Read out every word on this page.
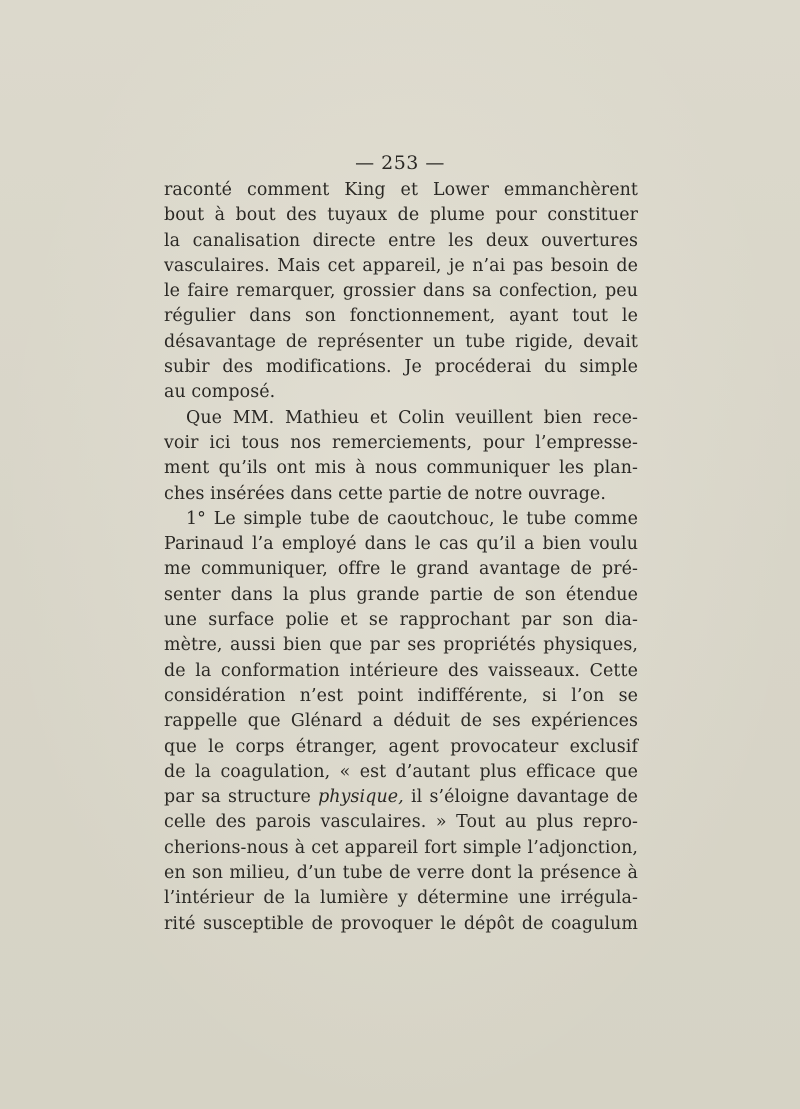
— 253 —
raconté comment King et Lower emmanchèrent
bout à bout des tuyaux de plume pour constituer
la canalisation directe entre les deux ouvertures
vasculaires. Mais cet appareil, je n’ai pas besoin de
le faire remarquer, grossier dans sa confection, peu
régulier dans son fonctionnement, ayant tout le
désavantage de représenter un tube rigide, devait
subir des modifications. Je procéderai du simple
au composé.
Que MM. Mathieu et Colin veuillent bien rece-
voir ici tous nos remerciements, pour l’empresse-
ment qu’ils ont mis à nous communiquer les plan-
ches insérées dans cette partie de notre ouvrage.
1° Le simple tube de caoutchouc, le tube comme
Parinaud l’a employé dans le cas qu’il a bien voulu
me communiquer, offre le grand avantage de pré-
senter dans la plus grande partie de son étendue
une surface polie et se rapprochant par son dia-
mètre, aussi bien que par ses propriétés physiques,
de la conformation intérieure des vaisseaux. Cette
considération n’est point indifférente, si l’on se
rappelle que Glénard a déduit de ses expériences
que le corps étranger, agent provocateur exclusif
de la coagulation, « est d’autant plus efficace que
par sa structure physique, il s’éloigne davantage de
celle des parois vasculaires. » Tout au plus repro-
cherions-nous à cet appareil fort simple l’adjonction,
en son milieu, d’un tube de verre dont la présence à
l’intérieur de la lumière y détermine une irrégula-
rité susceptible de provoquer le dépôt de coagulum
